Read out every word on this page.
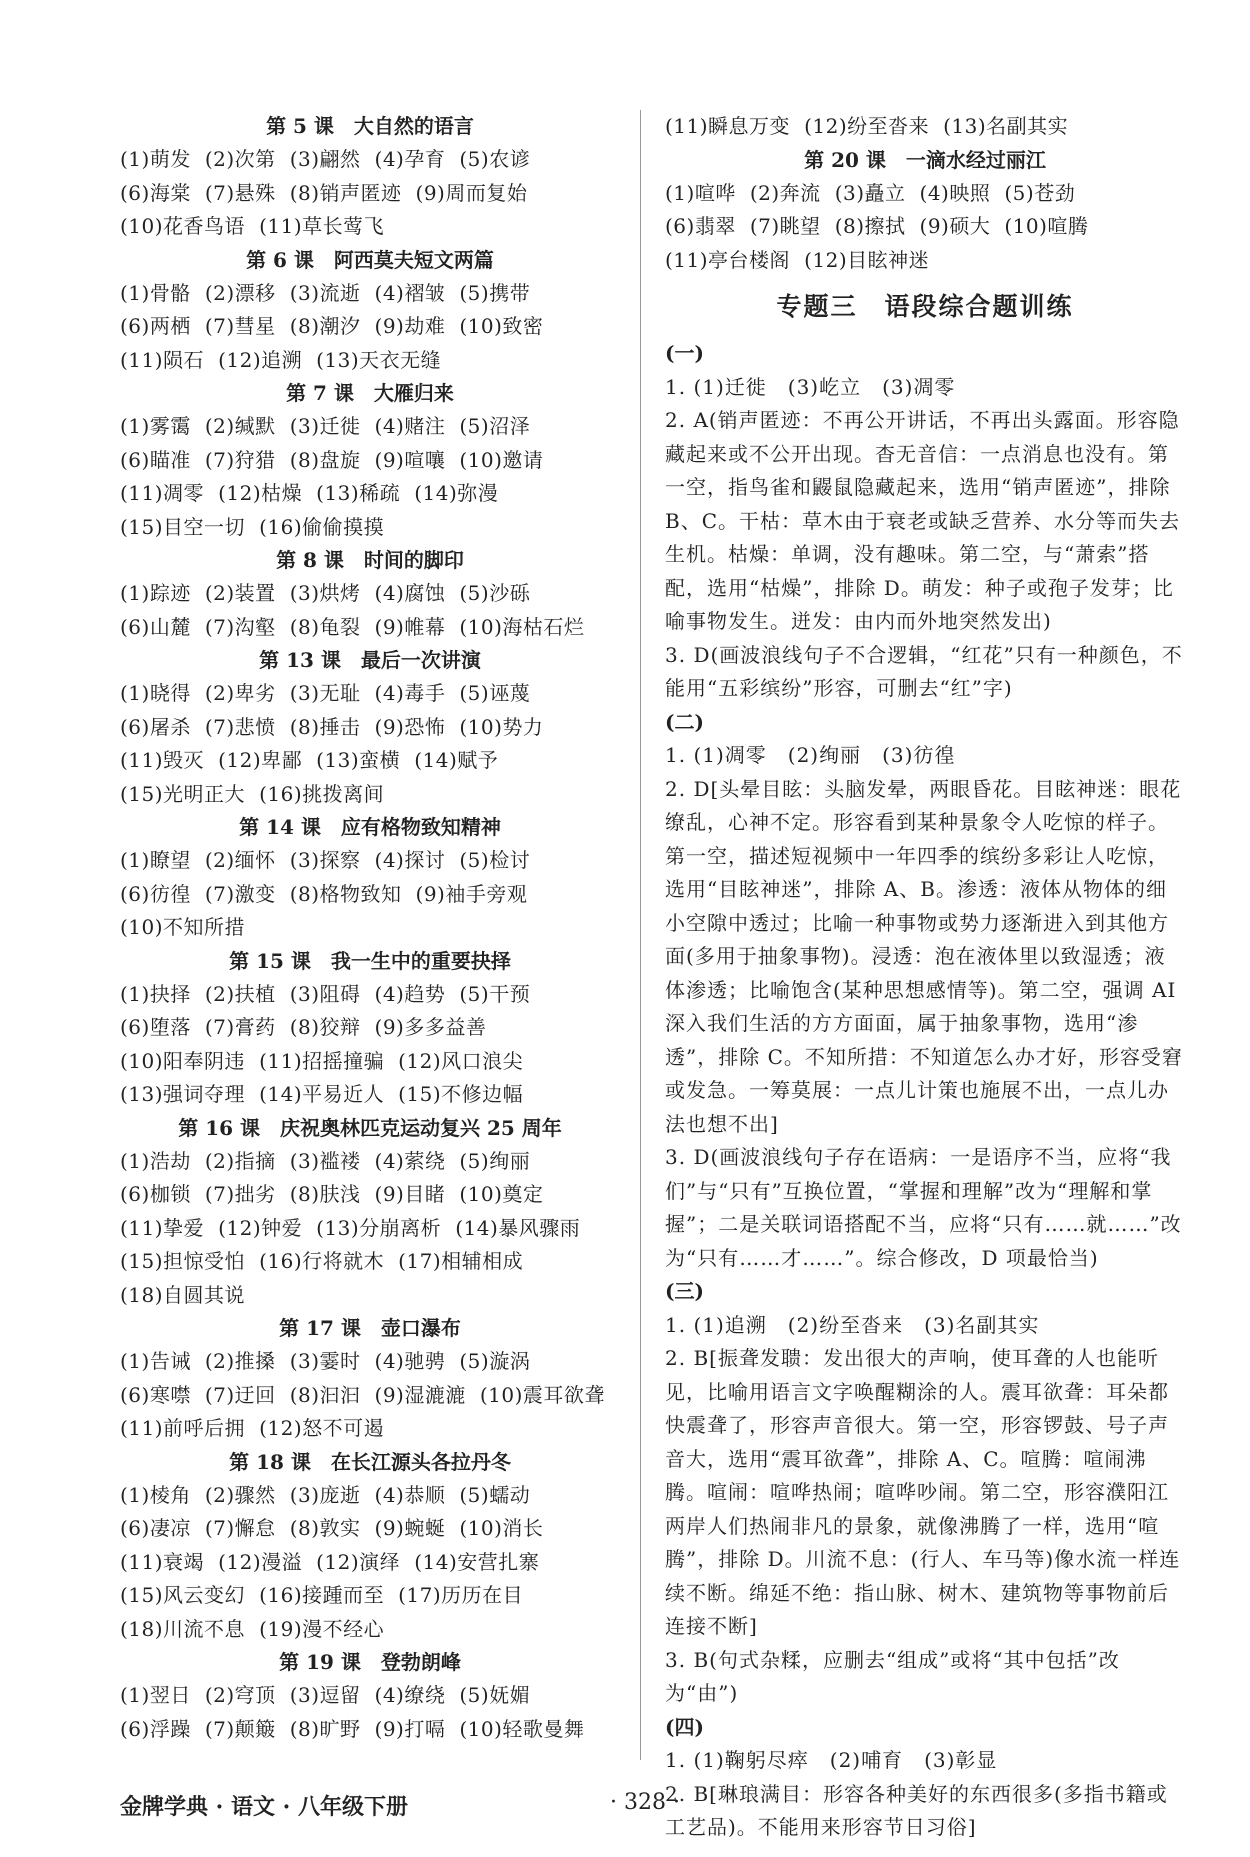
第 5 课　大自然的语言
(1)萌发 (2)次第 (3)翩然 (4)孕育 (5)农谚
(6)海棠 (7)悬殊 (8)销声匿迹 (9)周而复始
(10)花香鸟语 (11)草长莺飞
第 6 课　阿西莫夫短文两篇
(1)骨骼 (2)漂移 (3)流逝 (4)褶皱 (5)携带
(6)两栖 (7)彗星 (8)潮汐 (9)劫难 (10)致密
(11)陨石 (12)追溯 (13)天衣无缝
第 7 课　大雁归来
(1)雾霭 (2)缄默 (3)迁徙 (4)赌注 (5)沼泽
(6)瞄准 (7)狩猎 (8)盘旋 (9)喧嚷 (10)邀请
(11)凋零 (12)枯燥 (13)稀疏 (14)弥漫
(15)目空一切 (16)偷偷摸摸
第 8 课　时间的脚印
(1)踪迹 (2)装置 (3)烘烤 (4)腐蚀 (5)沙砾
(6)山麓 (7)沟壑 (8)龟裂 (9)帷幕 (10)海枯石烂
第 13 课　最后一次讲演
(1)晓得 (2)卑劣 (3)无耻 (4)毒手 (5)诬蔑
(6)屠杀 (7)悲愤 (8)捶击 (9)恐怖 (10)势力
(11)毁灭 (12)卑鄙 (13)蛮横 (14)赋予
(15)光明正大 (16)挑拨离间
第 14 课　应有格物致知精神
(1)瞭望 (2)缅怀 (3)探察 (4)探讨 (5)检讨
(6)彷徨 (7)激变 (8)格物致知 (9)袖手旁观
(10)不知所措
第 15 课　我一生中的重要抉择
(1)抉择 (2)扶植 (3)阻碍 (4)趋势 (5)干预
(6)堕落 (7)膏药 (8)狡辩 (9)多多益善
(10)阳奉阴违 (11)招摇撞骗 (12)风口浪尖
(13)强词夺理 (14)平易近人 (15)不修边幅
第 16 课　庆祝奥林匹克运动复兴 25 周年
(1)浩劫 (2)指摘 (3)褴褛 (4)萦绕 (5)绚丽
(6)枷锁 (7)拙劣 (8)肤浅 (9)目睹 (10)奠定
(11)挚爱 (12)钟爱 (13)分崩离析 (14)暴风骤雨
(15)担惊受怕 (16)行将就木 (17)相辅相成
(18)自圆其说
第 17 课　壶口瀑布
(1)告诫 (2)推搡 (3)霎时 (4)驰骋 (5)漩涡
(6)寒噤 (7)迂回 (8)汩汩 (9)湿漉漉 (10)震耳欲聋
(11)前呼后拥 (12)怒不可遏
第 18 课　在长江源头各拉丹冬
(1)棱角 (2)骤然 (3)庞逝 (4)恭顺 (5)蠕动
(6)凄凉 (7)懈怠 (8)敦实 (9)蜿蜒 (10)消长
(11)衰竭 (12)漫溢 (12)演绎 (14)安营扎寨
(15)风云变幻 (16)接踵而至 (17)历历在目
(18)川流不息 (19)漫不经心
第 19 课　登勃朗峰
(1)翌日 (2)穹顶 (3)逗留 (4)缭绕 (5)妩媚
(6)浮躁 (7)颠簸 (8)旷野 (9)打嗝 (10)轻歌曼舞
(11)瞬息万变 (12)纷至沓来 (13)名副其实
第 20 课　一滴水经过丽江
(1)喧哗 (2)奔流 (3)矗立 (4)映照 (5)苍劲
(6)翡翠 (7)眺望 (8)擦拭 (9)硕大 (10)喧腾
(11)亭台楼阁 (12)目眩神迷
专题三　语段综合题训练
(一)
1. (1)迁徙　(3)屹立　(3)凋零
2. A(销声匿迹：不再公开讲话，不再出头露面。形容隐藏起来或不公开出现。杳无音信：一点消息也没有。第一空，指鸟雀和鼹鼠隐藏起来，选用“销声匿迹”，排除 B、C。干枯：草木由于衰老或缺乏营养、水分等而失去生机。枯燥：单调，没有趣味。第二空，与“萧索”搭配，选用“枯燥”，排除 D。萌发：种子或孢子发芽；比喻事物发生。迸发：由内而外地突然发出)
3. D(画波浪线句子不合逻辑，“红花”只有一种颜色，不能用“五彩缤纷”形容，可删去“红”字)
(二)
1. (1)凋零　(2)绚丽　(3)彷徨
2. D[头晕目眩：头脑发晕，两眼昏花。目眩神迷：眼花缭乱，心神不定。形容看到某种景象令人吃惊的样子。第一空，描述短视频中一年四季的缤纷多彩让人吃惊，选用“目眩神迷”，排除 A、B。渗透：液体从物体的细小空隙中透过；比喻一种事物或势力逐渐进入到其他方面(多用于抽象事物)。浸透：泡在液体里以致湿透；液体渗透；比喻饱含(某种思想感情等)。第二空，强调 AI 深入我们生活的方方面面，属于抽象事物，选用“渗透”，排除 C。不知所措：不知道怎么办才好，形容受窘或发急。一筹莫展：一点儿计策也施展不出，一点儿办法也想不出]
3. D(画波浪线句子存在语病：一是语序不当，应将“我们”与“只有”互换位置，“掌握和理解”改为“理解和掌握”；二是关联词语搭配不当，应将“只有……就……”改为“只有……才……”。综合修改，D 项最恰当)
(三)
1. (1)追溯　(2)纷至沓来　(3)名副其实
2. B[振聋发聩：发出很大的声响，使耳聋的人也能听见，比喻用语言文字唤醒糊涂的人。震耳欲聋：耳朵都快震聋了，形容声音很大。第一空，形容锣鼓、号子声音大，选用“震耳欲聋”，排除 A、C。喧腾：喧闹沸腾。喧闹：喧哗热闹；喧哗吵闹。第二空，形容濮阳江两岸人们热闹非凡的景象，就像沸腾了一样，选用“喧腾”，排除 D。川流不息：(行人、车马等)像水流一样连续不断。绵延不绝：指山脉、树木、建筑物等事物前后连接不断]
3. B(句式杂糅，应删去“组成”或将“其中包括”改为“由”)
(四)
1. (1)鞠躬尽瘁　(2)哺育　(3)彰显
2. B[琳琅满目：形容各种美好的东西很多(多指书籍或工艺品)。不能用来形容节日习俗]
金牌学典 · 语文 · 八年级下册	· 328 ·
